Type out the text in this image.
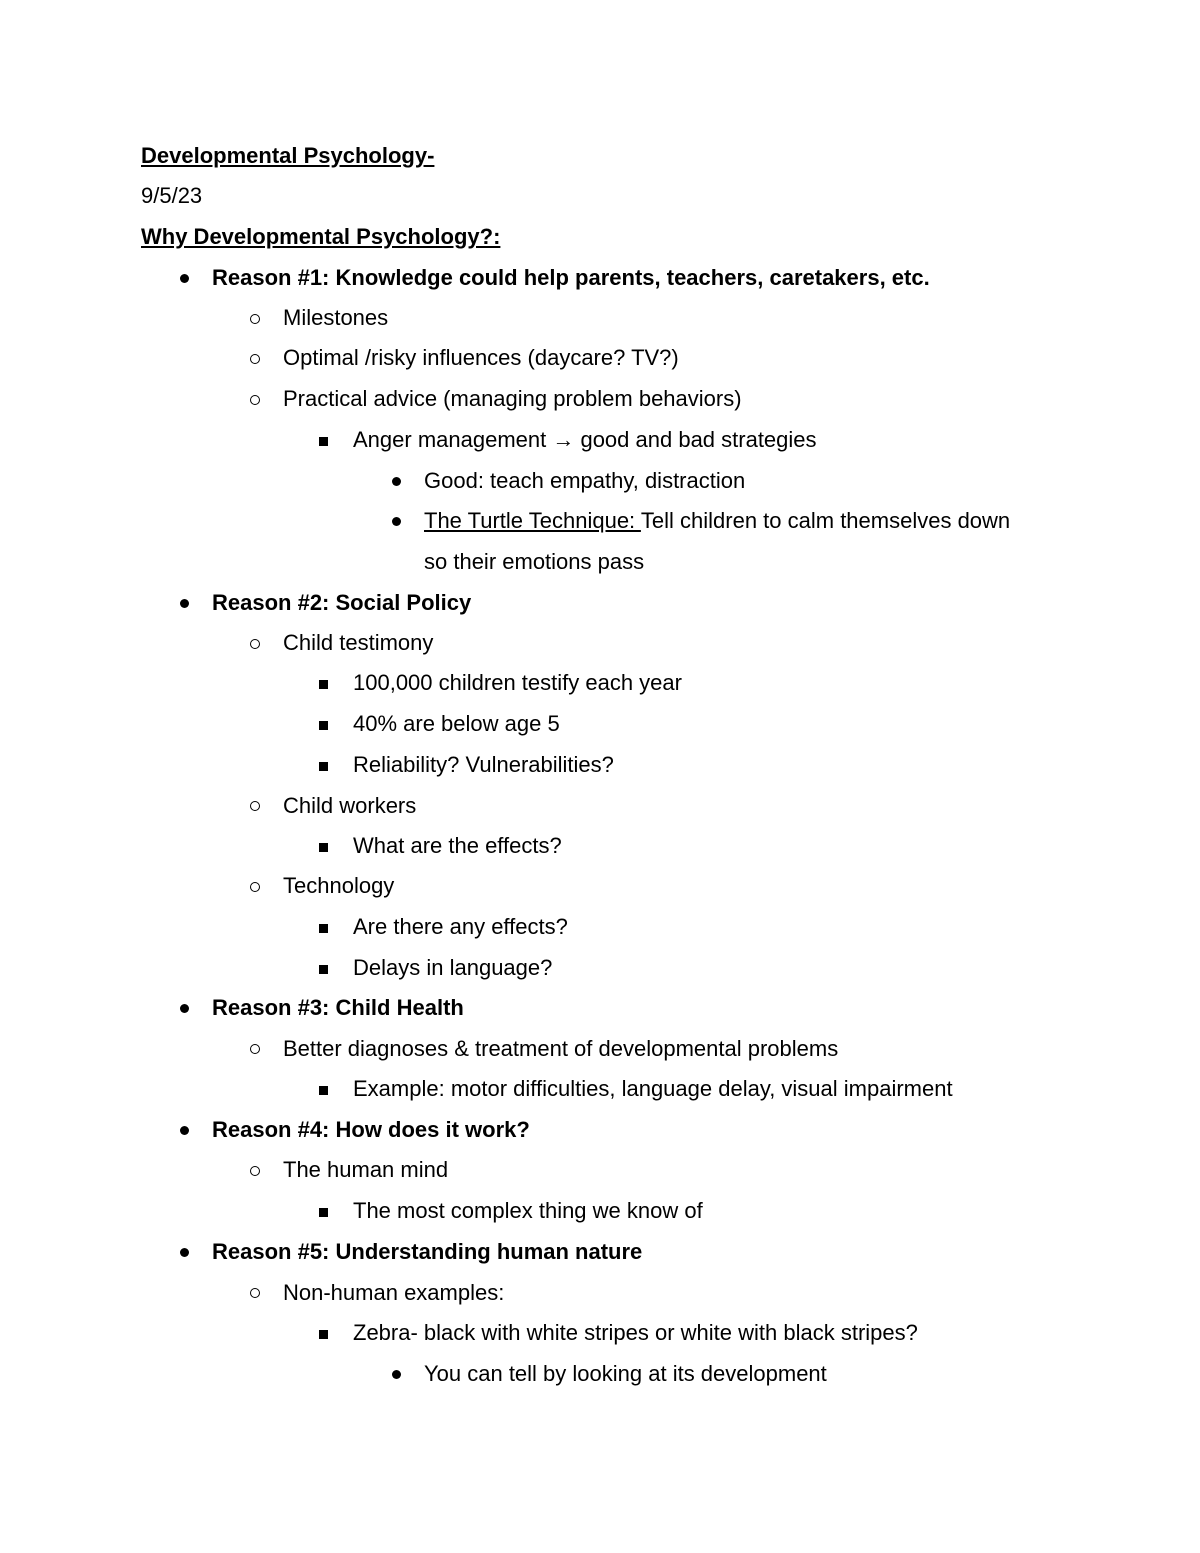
Developmental Psychology-
9/5/23
Why Developmental Psychology?:
Reason #1: Knowledge could help parents, teachers, caretakers, etc.
Milestones
Optimal /risky influences (daycare? TV?)
Practical advice (managing problem behaviors)
Anger management → good and bad strategies
Good: teach empathy, distraction
The Turtle Technique: Tell children to calm themselves down
so their emotions pass
Reason #2: Social Policy
Child testimony
100,000 children testify each year
40% are below age 5
Reliability? Vulnerabilities?
Child workers
What are the effects?
Technology
Are there any effects?
Delays in language?
Reason #3: Child Health
Better diagnoses & treatment of developmental problems
Example: motor difficulties, language delay, visual impairment
Reason #4: How does it work?
The human mind
The most complex thing we know of
Reason #5: Understanding human nature
Non-human examples:
Zebra- black with white stripes or white with black stripes?
You can tell by looking at its development
